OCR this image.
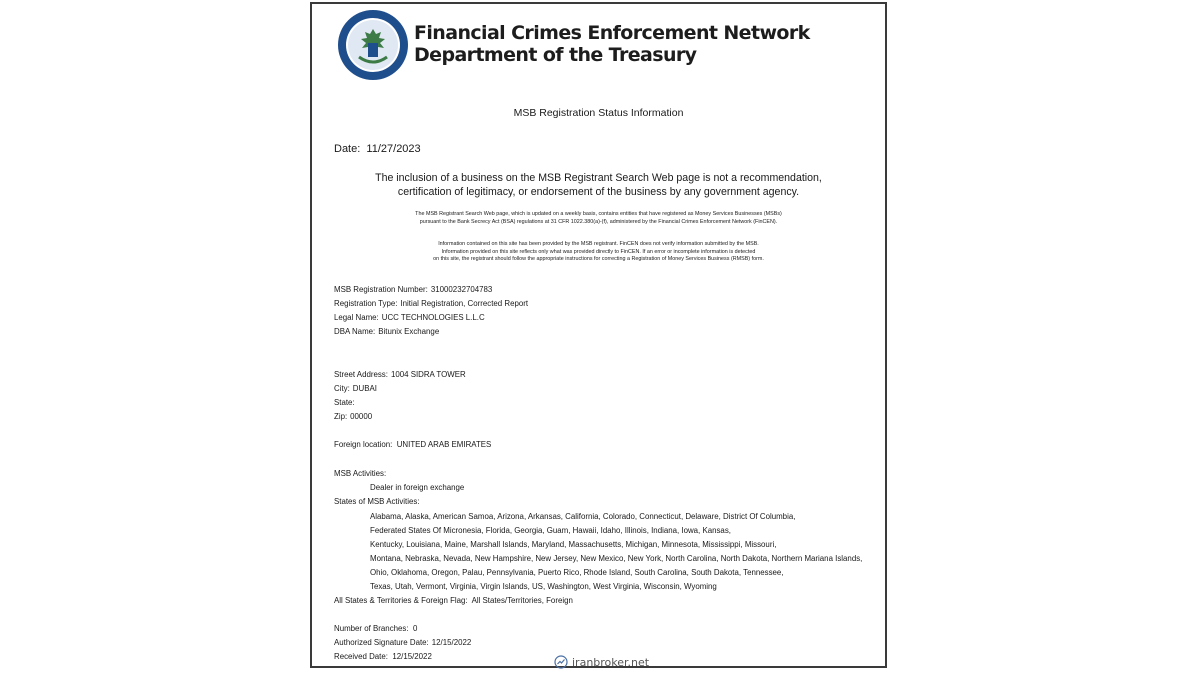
Financial Crimes Enforcement Network
Department of the Treasury
MSB Registration Status Information
Date: 11/27/2023
The inclusion of a business on the MSB Registrant Search Web page is not a recommendation,
certification of legitimacy, or endorsement of the business by any government agency.
The MSB Registrant Search Web page, which is updated on a weekly basis, contains entities that have registered as Money Services Businesses (MSBs)
pursuant to the Bank Secrecy Act (BSA) regulations at 31 CFR 1022.380(a)-(f), administered by the Financial Crimes Enforcement Network (FinCEN).
Information contained on this site has been provided by the MSB registrant. FinCEN does not verify information submitted by the MSB.
Information provided on this site reflects only what was provided directly to FinCEN. If an error or incomplete information is detected
on this site, the registrant should follow the appropriate instructions for correcting a Registration of Money Services Business (RMSB) form.
MSB Registration Number: 31000232704783
Registration Type: Initial Registration, Corrected Report
Legal Name: UCC TECHNOLOGIES L.L.C
DBA Name: Bitunix Exchange
Street Address: 1004 SIDRA TOWER
City: DUBAI
State:
Zip: 00000
Foreign location: UNITED ARAB EMIRATES
MSB Activities:
Dealer in foreign exchange
States of MSB Activities:
Alabama, Alaska, American Samoa, Arizona, Arkansas, California, Colorado, Connecticut, Delaware, District Of Columbia,
Federated States Of Micronesia, Florida, Georgia, Guam, Hawaii, Idaho, Illinois, Indiana, Iowa, Kansas,
Kentucky, Louisiana, Maine, Marshall Islands, Maryland, Massachusetts, Michigan, Minnesota, Mississippi, Missouri,
Montana, Nebraska, Nevada, New Hampshire, New Jersey, New Mexico, New York, North Carolina, North Dakota, Northern Mariana Islands,
Ohio, Oklahoma, Oregon, Palau, Pennsylvania, Puerto Rico, Rhode Island, South Carolina, South Dakota, Tennessee,
Texas, Utah, Vermont, Virginia, Virgin Islands, US, Washington, West Virginia, Wisconsin, Wyoming
All States & Territories & Foreign Flag: All States/Territories, Foreign
Number of Branches: 0
Authorized Signature Date: 12/15/2022
Received Date: 12/15/2022	iranbroker.net
